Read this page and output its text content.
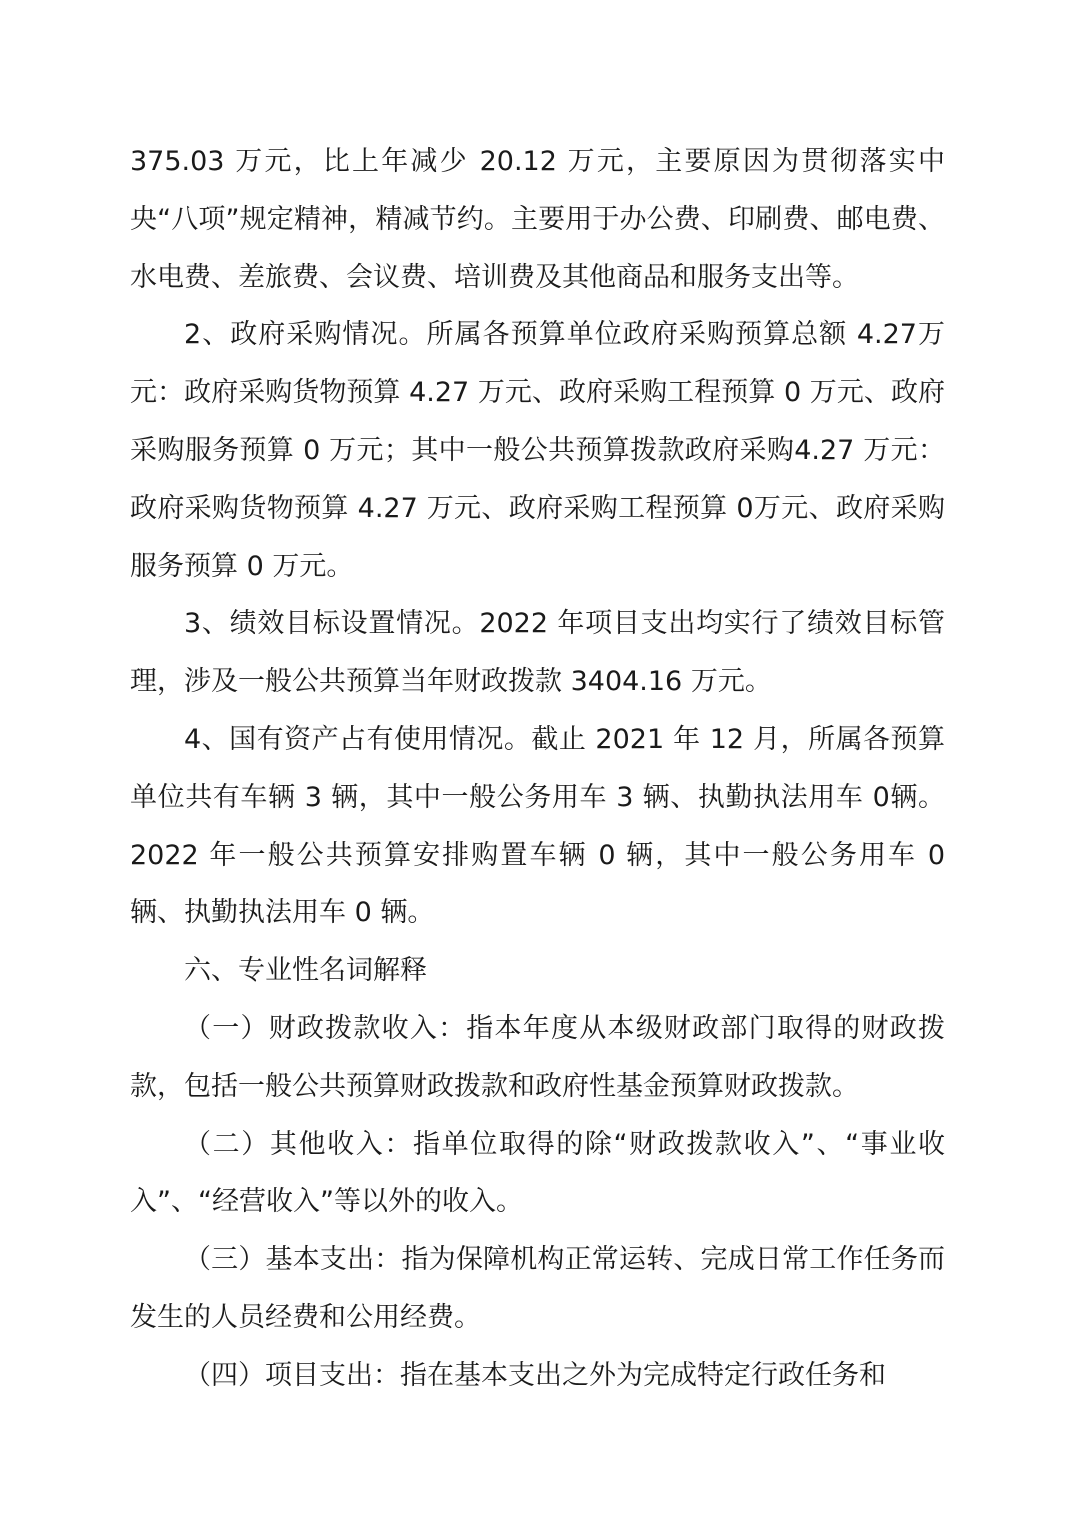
375.03 万元，比上年减少 20.12 万元，主要原因为贯彻落实中央“八项”规定精神，精减节约。主要用于办公费、印刷费、邮电费、水电费、差旅费、会议费、培训费及其他商品和服务支出等。

2、政府采购情况。所属各预算单位政府采购预算总额 4.27万元：政府采购货物预算 4.27 万元、政府采购工程预算 0 万元、政府采购服务预算 0 万元；其中一般公共预算拨款政府采购4.27 万元：政府采购货物预算 4.27 万元、政府采购工程预算 0万元、政府采购服务预算 0 万元。

3、绩效目标设置情况。2022 年项目支出均实行了绩效目标管理，涉及一般公共预算当年财政拨款 3404.16 万元。

4、国有资产占有使用情况。截止 2021 年 12 月，所属各预算单位共有车辆 3 辆，其中一般公务用车 3 辆、执勤执法用车 0辆。2022 年一般公共预算安排购置车辆 0 辆，其中一般公务用车 0 辆、执勤执法用车 0 辆。

六、专业性名词解释

（一）财政拨款收入：指本年度从本级财政部门取得的财政拨款，包括一般公共预算财政拨款和政府性基金预算财政拨款。

（二）其他收入：指单位取得的除“财政拨款收入”、“事业收入”、“经营收入”等以外的收入。

（三）基本支出：指为保障机构正常运转、完成日常工作任务而发生的人员经费和公用经费。

（四）项目支出：指在基本支出之外为完成特定行政任务和
